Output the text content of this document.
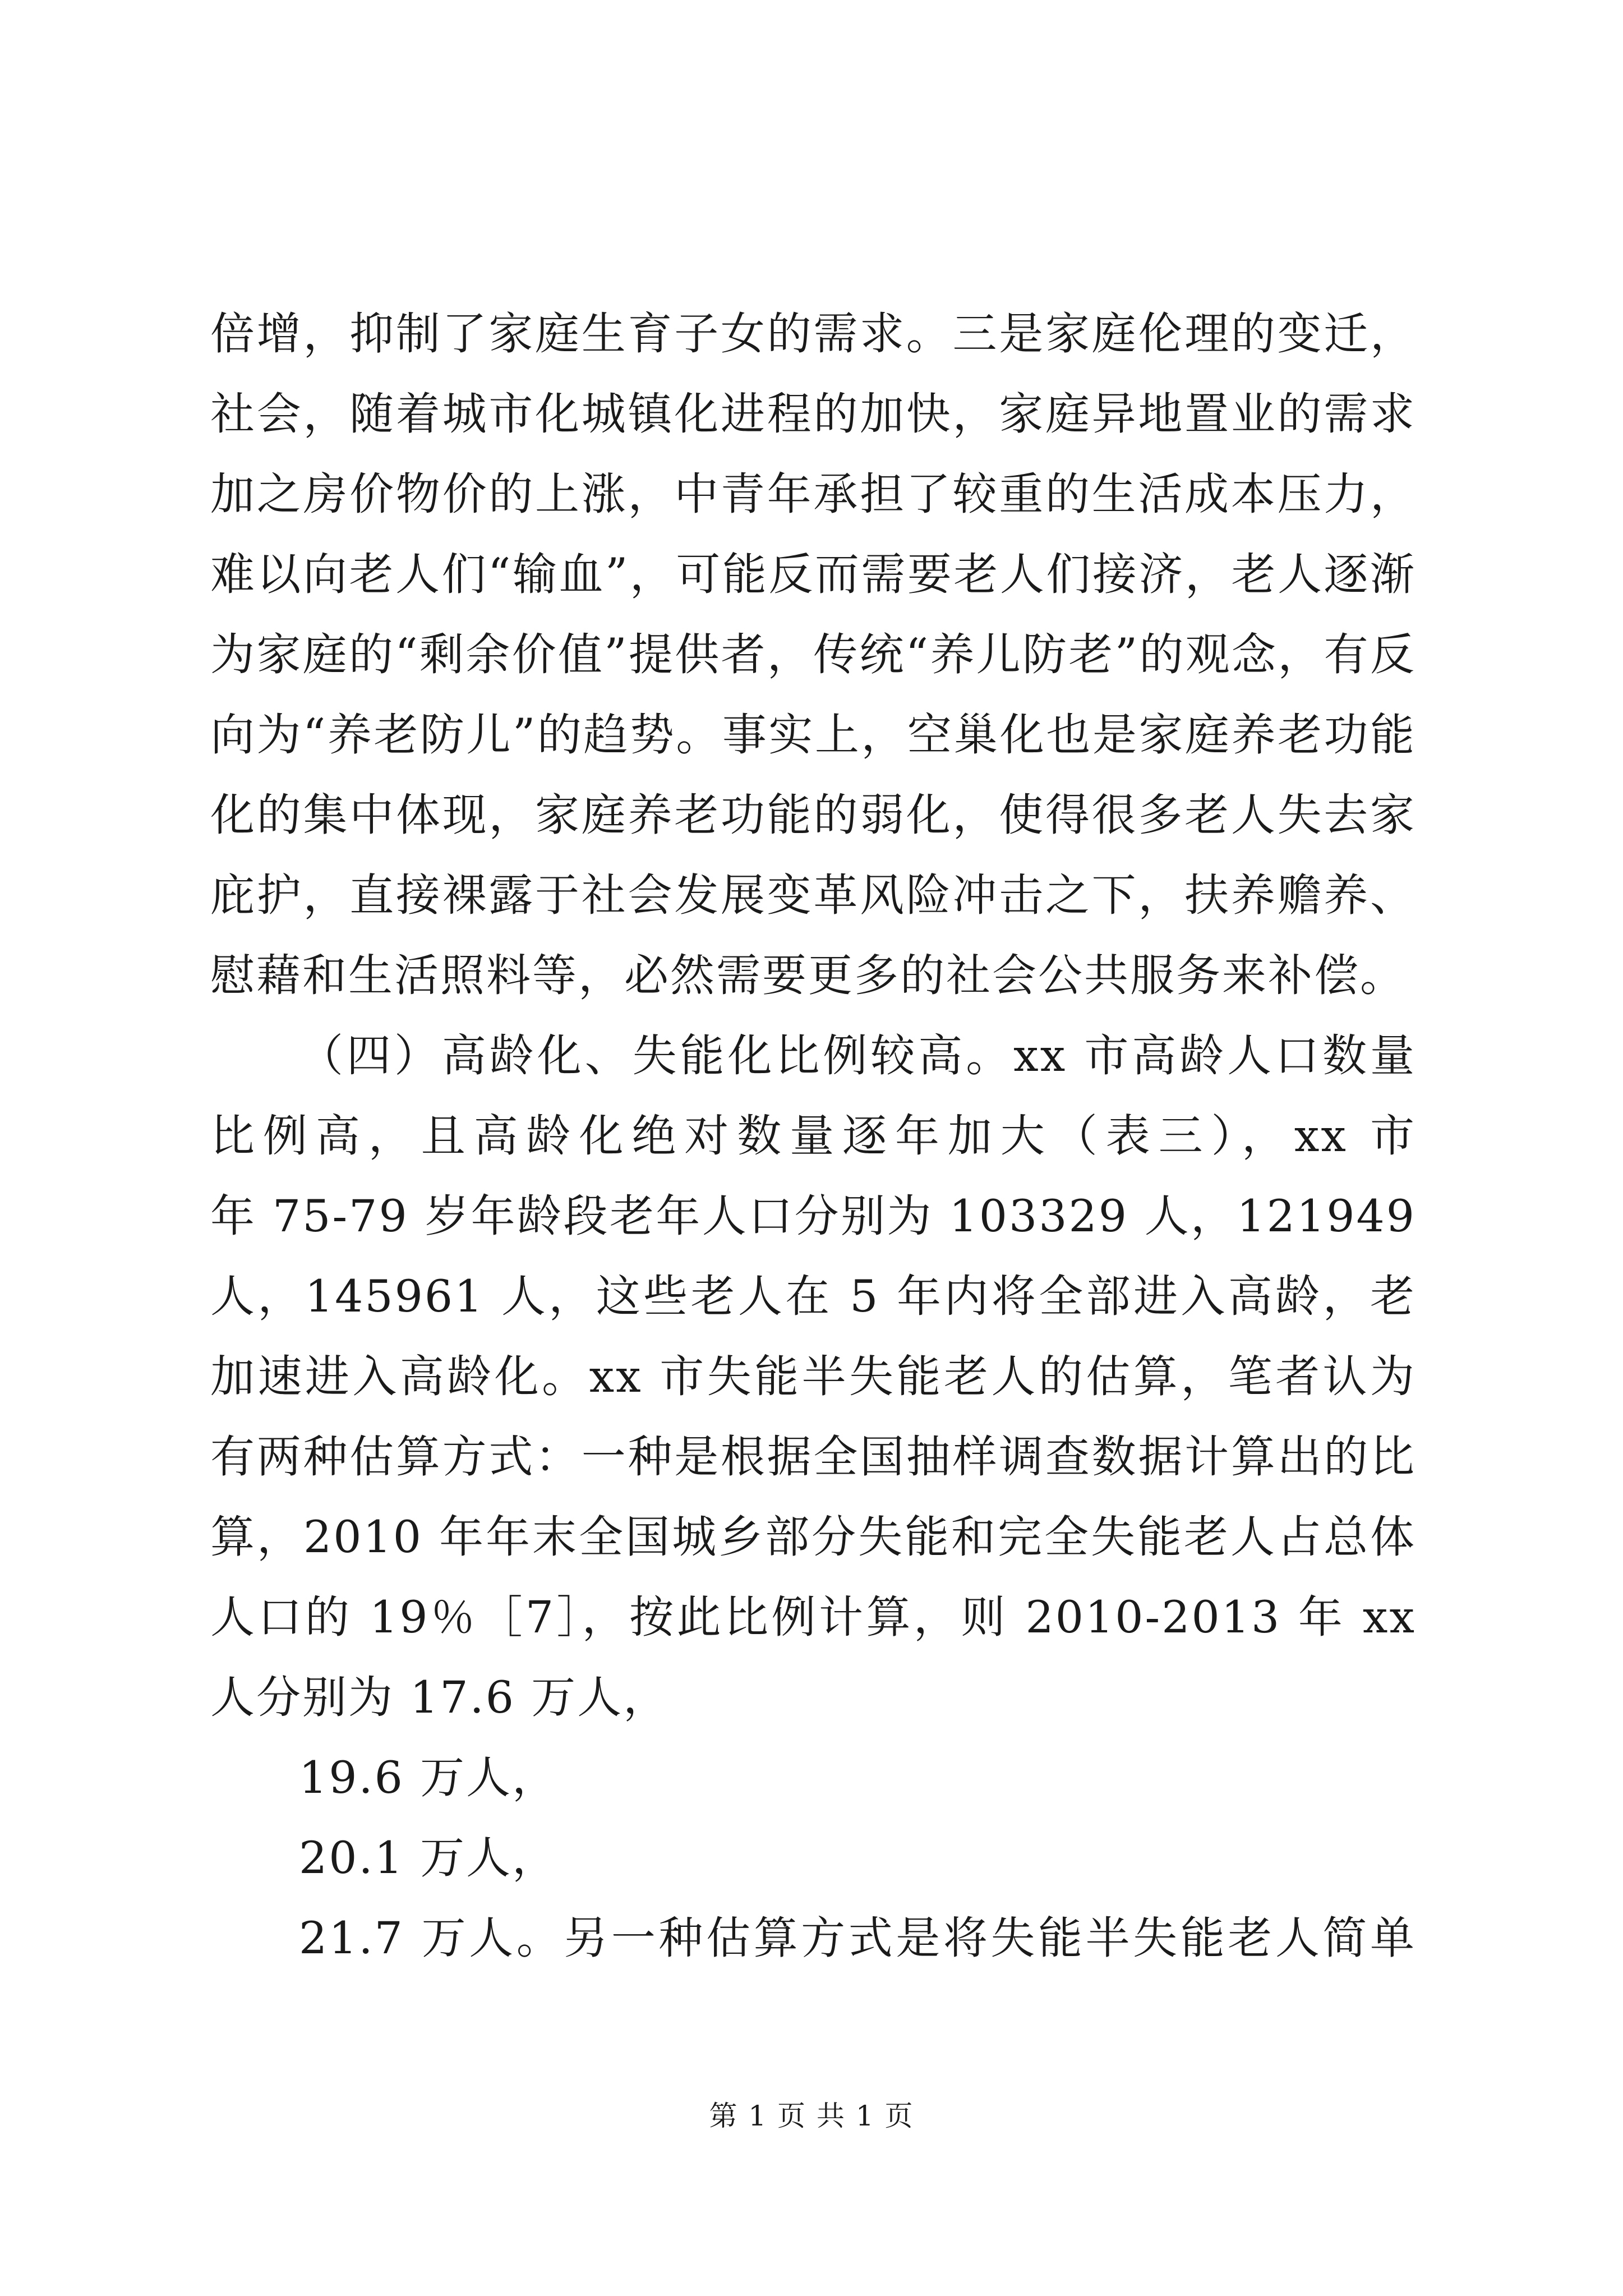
倍增，抑制了家庭生育子女的需求。三是家庭伦理的变迁，
社会，随着城市化城镇化进程的加快，家庭异地置业的需求
加之房价物价的上涨，中青年承担了较重的生活成本压力，
难以向老人们“输血”，可能反而需要老人们接济，老人逐渐
为家庭的“剩余价值”提供者，传统“养儿防老”的观念，有反
向为“养老防儿”的趋势。事实上，空巢化也是家庭养老功能
化的集中体现，家庭养老功能的弱化，使得很多老人失去家
庇护，直接裸露于社会发展变革风险冲击之下，扶养赡养、
慰藉和生活照料等，必然需要更多的社会公共服务来补偿。
（四）高龄化、失能化比例较高。xx 市高龄人口数量
比例高，且高龄化绝对数量逐年加大（表三），xx 市
年 75-79 岁年龄段老年人口分别为 103329 人，121949
人，145961 人，这些老人在 5 年内将全部进入高龄，老
加速进入高龄化。xx 市失能半失能老人的估算，笔者认为
有两种估算方式：一种是根据全国抽样调查数据计算出的比
算，2010 年年末全国城乡部分失能和完全失能老人占总体
人口的 19％［7］，按此比例计算，则 2010-2013 年 xx
人分别为 17.6 万人，
19.6 万人，
20.1 万人，
21.7 万人。另一种估算方式是将失能半失能老人简单
第 1 页 共 1 页
